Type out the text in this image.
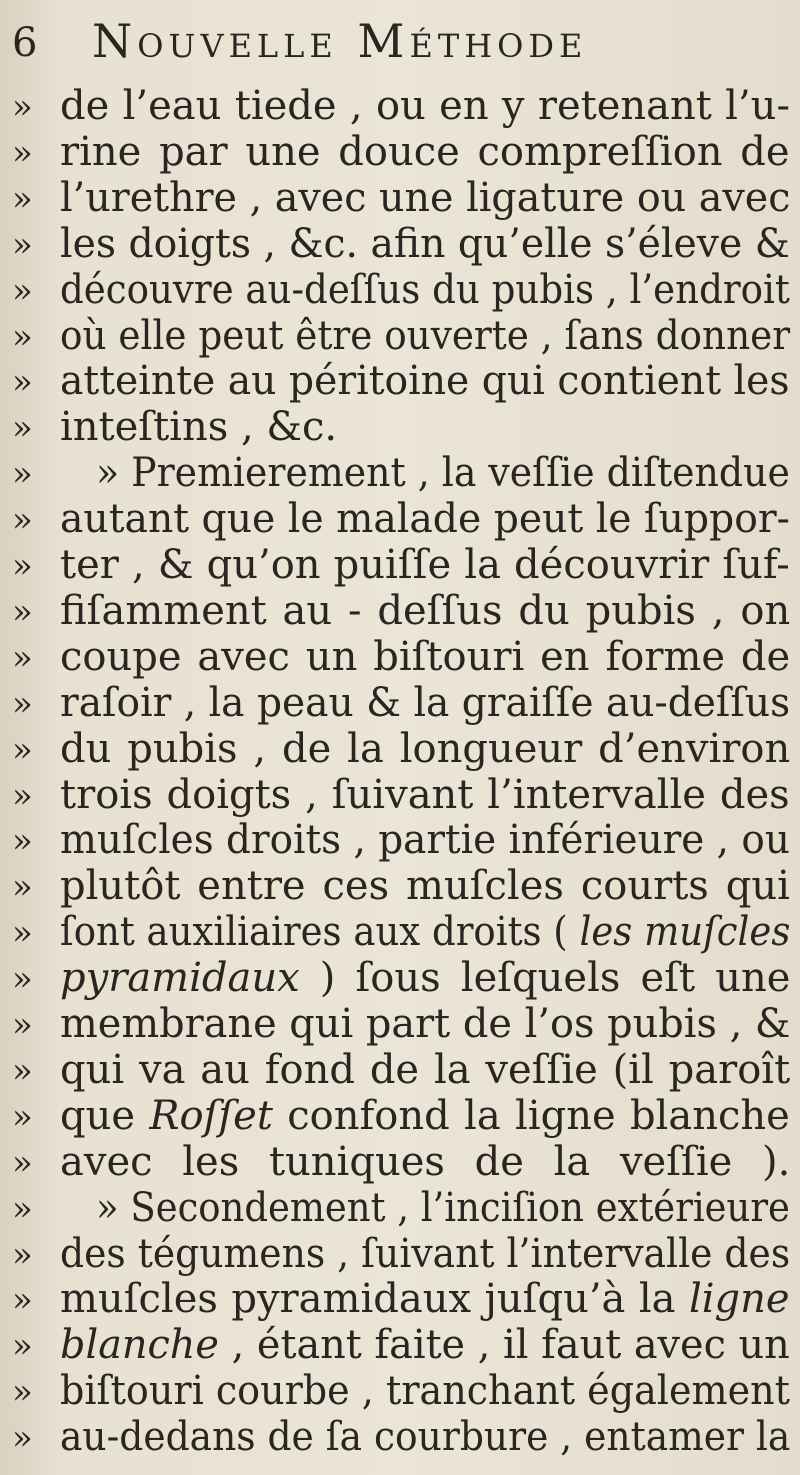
6 Nouvelle Méthode
»
»
»
»
»
»
»
»
»
»
»
»
»
»
»
»
»
»
»
»
»
»
»
»
»
»
»
»
»
»
de l’eau tiede , ou en y retenant l’u-
rine par une douce compreſſion de
l’urethre , avec une ligature ou avec
les doigts , &c. afin qu’elle s’éleve &
découvre au-deſſus du pubis , l’endroit
où elle peut être ouverte , ſans donner
atteinte au péritoine qui contient les
inteſtins , &c.
» Premierement , la veſſie diſtendue
autant que le malade peut le ſuppor-
ter , & qu’on puiſſe la découvrir ſuf-
fiſamment au - deſſus du pubis , on
coupe avec un biſtouri en forme de
raſoir , la peau & la graiſſe au-deſſus
du pubis , de la longueur d’environ
trois doigts , ſuivant l’intervalle des
muſcles droits , partie inférieure , ou
plutôt entre ces muſcles courts qui
ſont auxiliaires aux droits ( les muſcles
pyramidaux ) ſous leſquels eſt une
membrane qui part de l’os pubis , &
qui va au fond de la veſſie (il paroît
que Roſſet confond la ligne blanche
avec les tuniques de la veſſie ).
» Secondement , l’inciſion extérieure
des tégumens , ſuivant l’intervalle des
muſcles pyramidaux juſqu’à la ligne
blanche , étant faite , il faut avec un
biſtouri courbe , tranchant également
au-dedans de ſa courbure , entamer la
